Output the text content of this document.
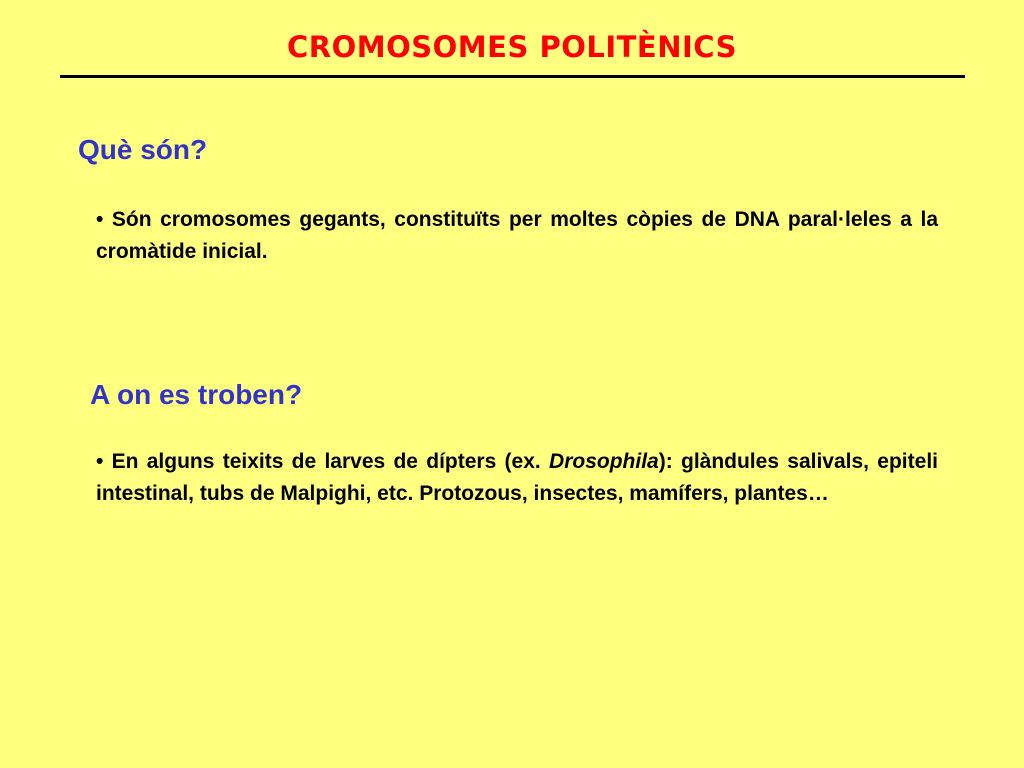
CROMOSOMES POLITÈNICS
Què són?
• Són cromosomes gegants, constituïts per moltes còpies de DNA paral·leles a la cromàtide inicial.
A on es troben?
• En alguns teixits de larves de dípters (ex. Drosophila): glàndules salivals, epiteli intestinal, tubs de Malpighi, etc. Protozous, insectes, mamífers, plantes…
